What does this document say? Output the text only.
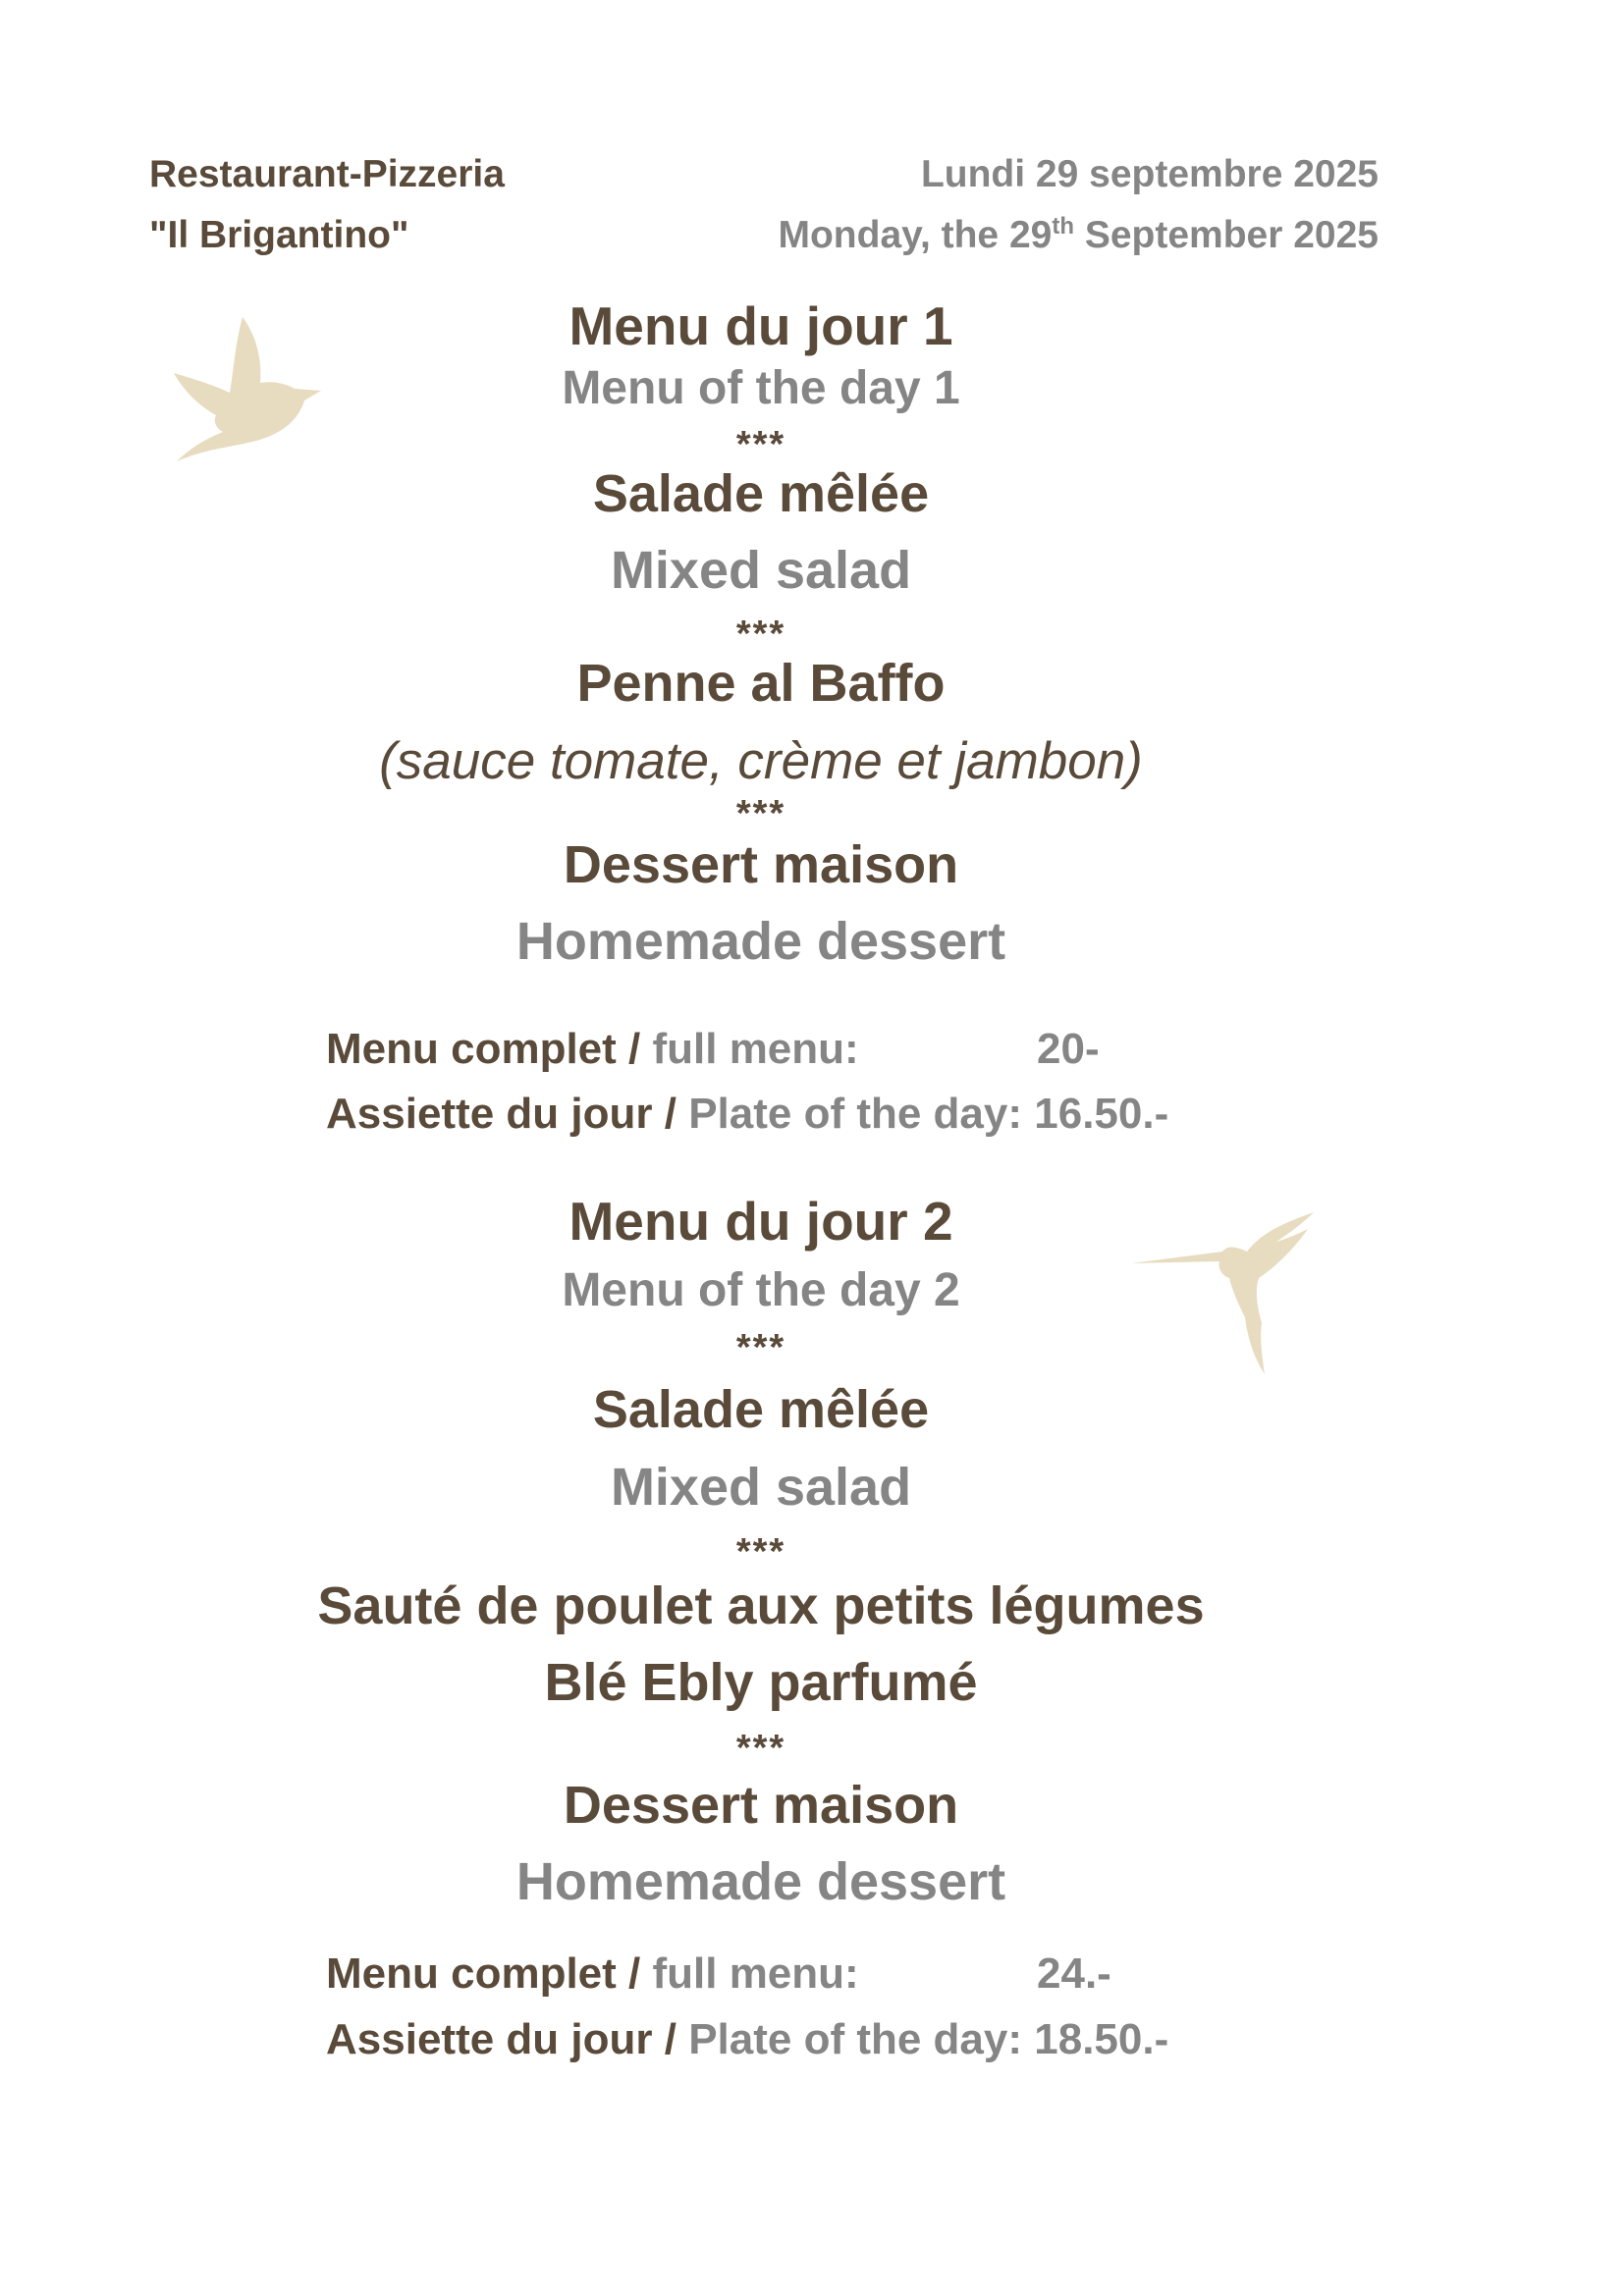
Restaurant-Pizzeria

"Il Brigantino"

Lundi 29 septembre 2025

Monday, the 29th September 2025

Menu du jour 1

Menu of the day 1

***

Salade mêlée

Mixed salad

***

Penne al Baffo

(sauce tomate, crème et jambon)

***

Dessert maison

Homemade dessert

Menu complet / full menu:	20-

Assiette du jour / Plate of the day: 16.50.-

Menu du jour 2

Menu of the day 2

***

Salade mêlée

Mixed salad

***

Sauté de poulet aux petits légumes

Blé Ebly parfumé

***

Dessert maison

Homemade dessert

Menu complet / full menu:	24.-

Assiette du jour / Plate of the day: 18.50.-
